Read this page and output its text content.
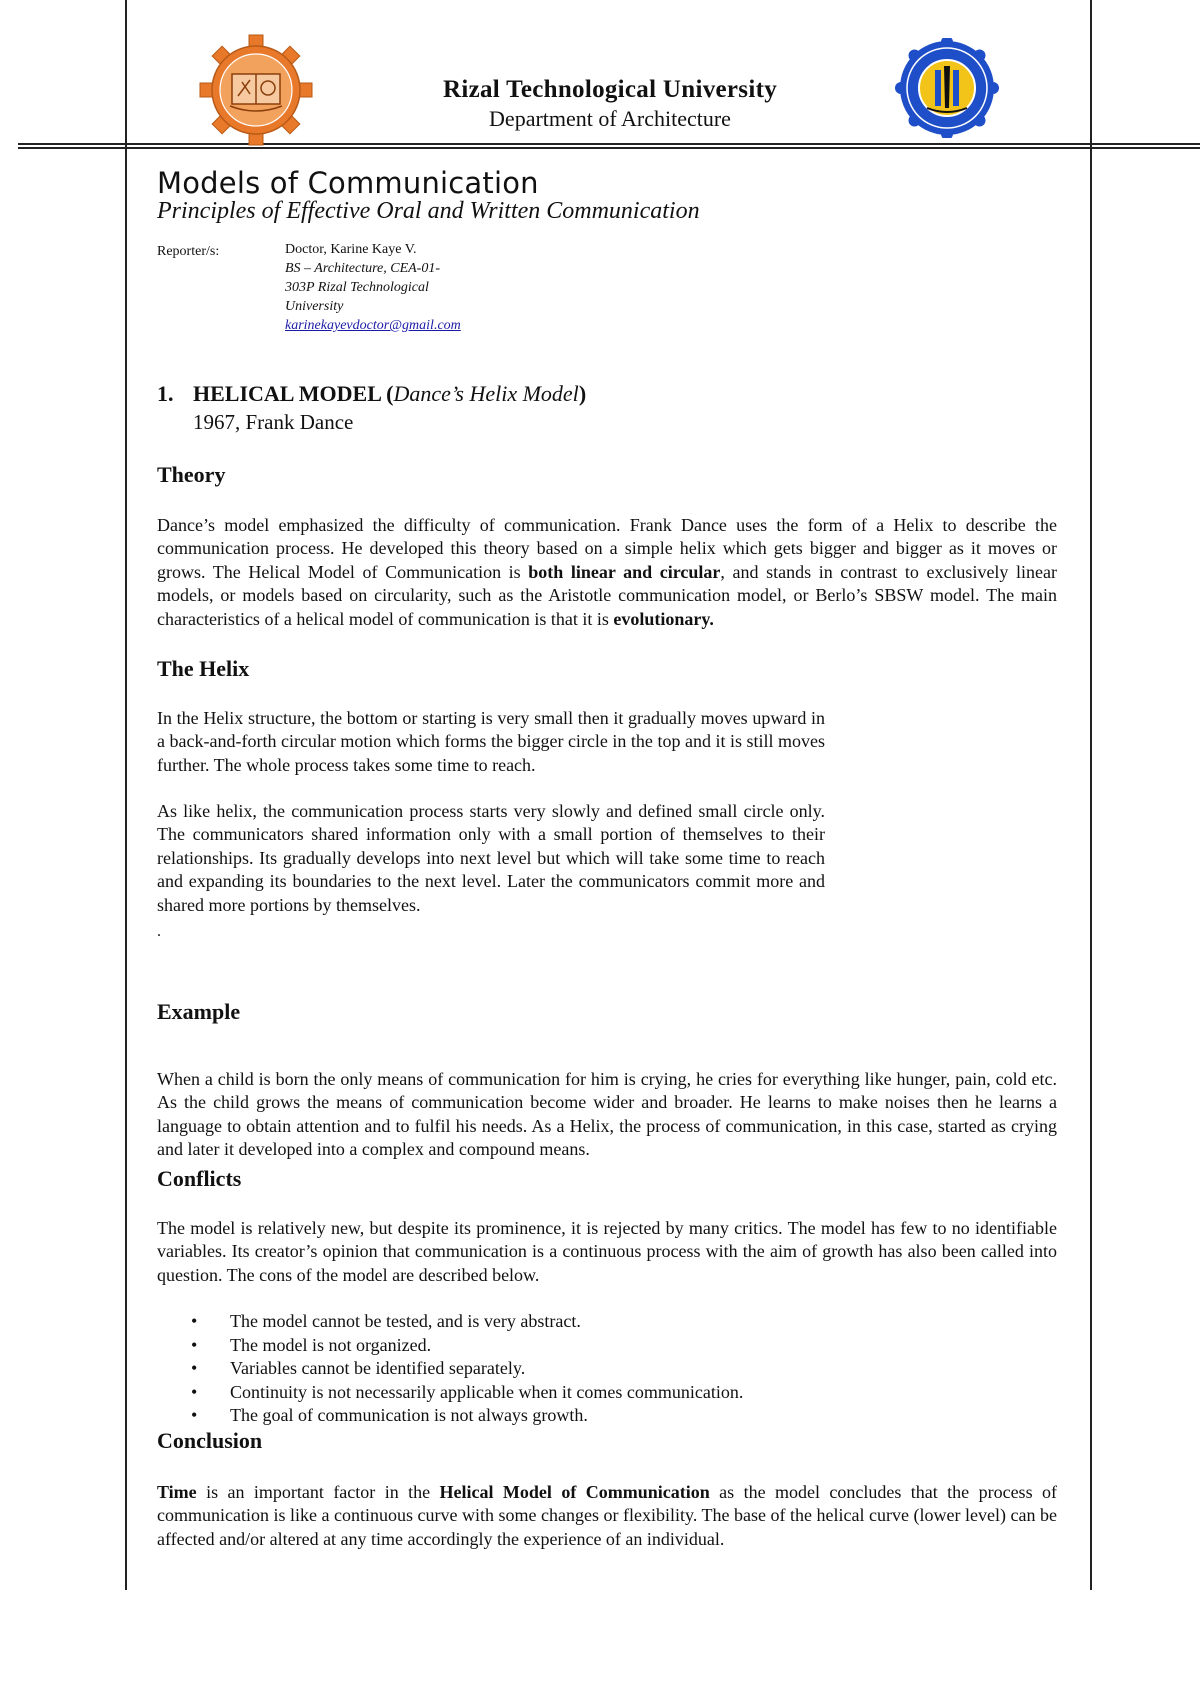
Rizal Technological University
Department of Architecture
Models of Communication
Principles of Effective Oral and Written Communication
Reporter/s:	Doctor, Karine Kaye V.
BS – Architecture, CEA-01-
303P Rizal Technological
University
karinekayevdoctor@gmail.com
1. HELICAL MODEL (Dance’s Helix Model)
1967, Frank Dance
Theory

Dance’s model emphasized the difficulty of communication. Frank Dance uses the form of a Helix to describe the communication process. He developed this theory based on a simple helix which gets bigger and bigger as it moves or grows. The Helical Model of Communication is both linear and circular, and stands in contrast to exclusively linear models, or models based on circularity, such as the Aristotle communication model, or Berlo’s SBSW model. The main characteristics of a helical model of communication is that it is evolutionary.

The Helix

In the Helix structure, the bottom or starting is very small then it gradually moves upward in a back-and-forth circular motion which forms the bigger circle in the top and it is still moves further. The whole process takes some time to reach.

As like helix, the communication process starts very slowly and defined small circle only. The communicators shared information only with a small portion of themselves to their relationships. Its gradually develops into next level but which will take some time to reach and expanding its boundaries to the next level. Later the communicators commit more and shared more portions by themselves.

.
Example

When a child is born the only means of communication for him is crying, he cries for everything like hunger, pain, cold etc. As the child grows the means of communication become wider and broader. He learns to make noises then he learns a language to obtain attention and to fulfil his needs. As a Helix, the process of communication, in this case, started as crying and later it developed into a complex and compound means.

Conflicts

The model is relatively new, but despite its prominence, it is rejected by many critics. The model has few to no identifiable variables. Its creator’s opinion that communication is a continuous process with the aim of growth has also been called into question. The cons of the model are described below.

• The model cannot be tested, and is very abstract.
• The model is not organized.
• Variables cannot be identified separately.
• Continuity is not necessarily applicable when it comes communication.
• The goal of communication is not always growth.
Conclusion

Time is an important factor in the Helical Model of Communication as the model concludes that the process of communication is like a continuous curve with some changes or flexibility. The base of the helical curve (lower level) can be affected and/or altered at any time accordingly the experience of an individual.
